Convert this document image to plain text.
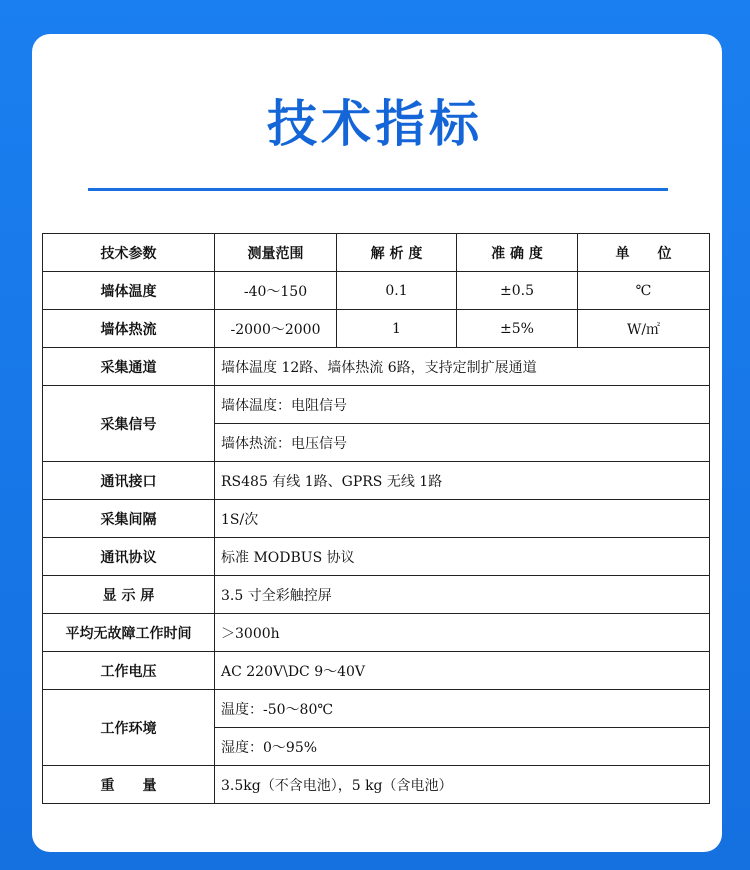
技术指标
技术参数	测量范围	解 析 度	准 确 度	单　　位
墙体温度	-40～150	0.1	±0.5	℃
墙体热流	-2000～2000	1	±5%	W/㎡
采集通道	墙体温度 12路、墙体热流 6路，支持定制扩展通道			
采集信号	墙体温度：电阻信号			
	墙体热流：电压信号			
通讯接口	RS485 有线 1路、GPRS 无线 1路			
采集间隔	1S/次			
通讯协议	标准 MODBUS 协议			
显 示 屏	3.5 寸全彩触控屏			
平均无故障工作时间	＞3000h			
工作电压	AC 220V\DC 9～40V			
工作环境	温度：-50～80℃			
	湿度：0～95%			
重　　量	3.5kg（不含电池），5 kg（含电池）			
